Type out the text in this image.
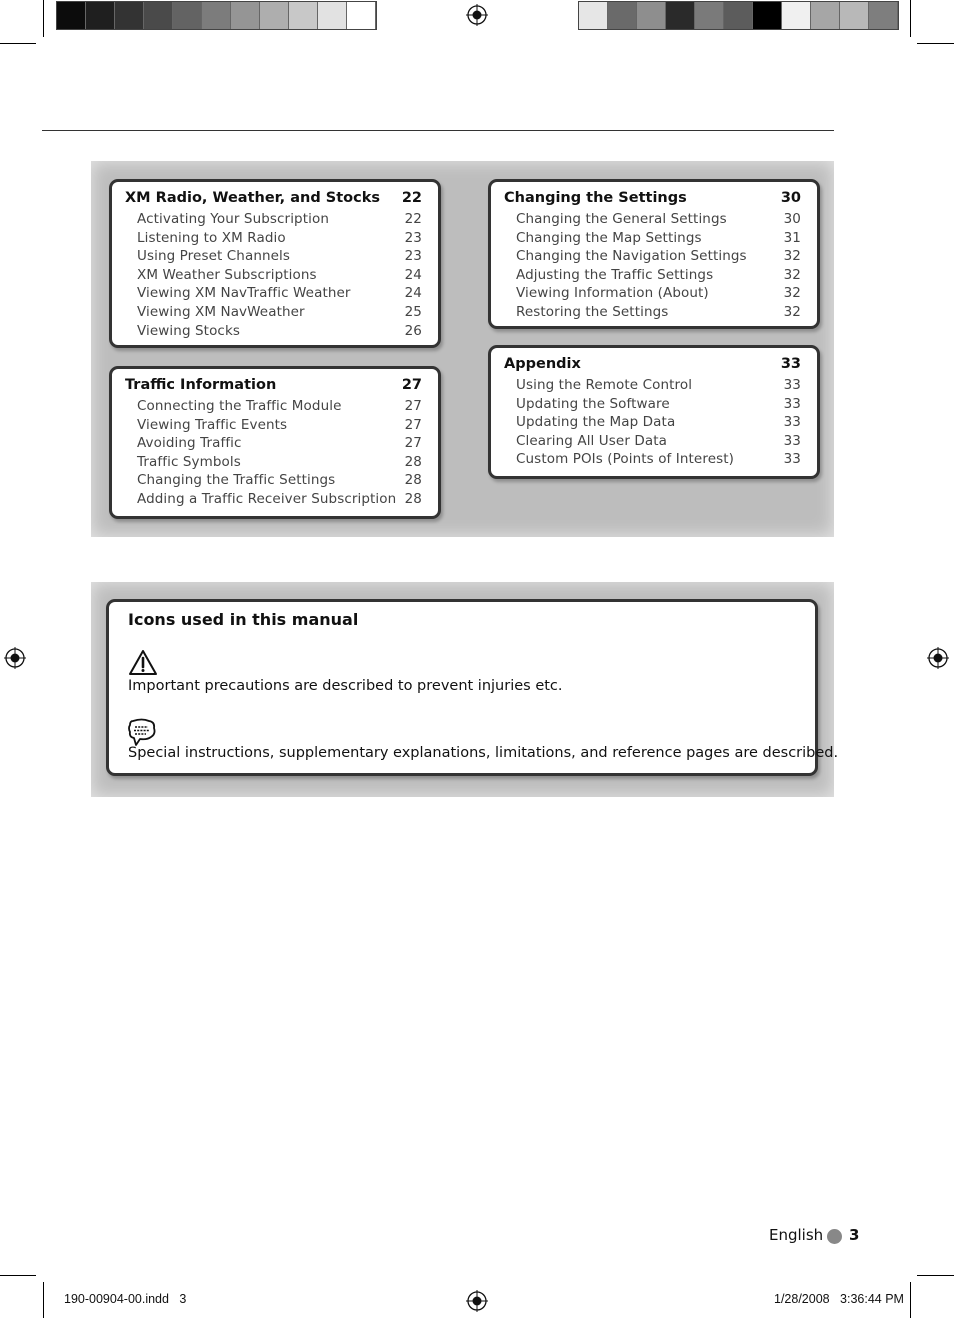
XM Radio, Weather, and Stocks 22
Activating Your Subscription	22
Listening to XM Radio	23
Using Preset Channels	23
XM Weather Subscriptions	24
Viewing XM NavTraffic Weather	24
Viewing XM NavWeather	25
Viewing Stocks	26
Traffic Information	27
Connecting the Traffic Module	27
Viewing Traffic Events	27
Avoiding Traffic	27
Traffic Symbols	28
Changing the Traffic Settings	28
Adding a Traffic Receiver Subscription 28
Changing the Settings	30
Changing the General Settings	30
Changing the Map Settings	31
Changing the Navigation Settings	32
Adjusting the Traffic Settings	32
Viewing Information (About)	32
Restoring the Settings	32
Appendix	33
Using the Remote Control	33
Updating the Software	33
Updating the Map Data	33
Clearing All User Data	33
Custom POIs (Points of Interest)	33
Icons used in this manual
Important precautions are described to prevent injuries etc.
Special instructions, supplementary explanations, limitations, and reference pages are described.
English 3
190-00904-00.indd   3	1/28/2008   3:36:44 PM
